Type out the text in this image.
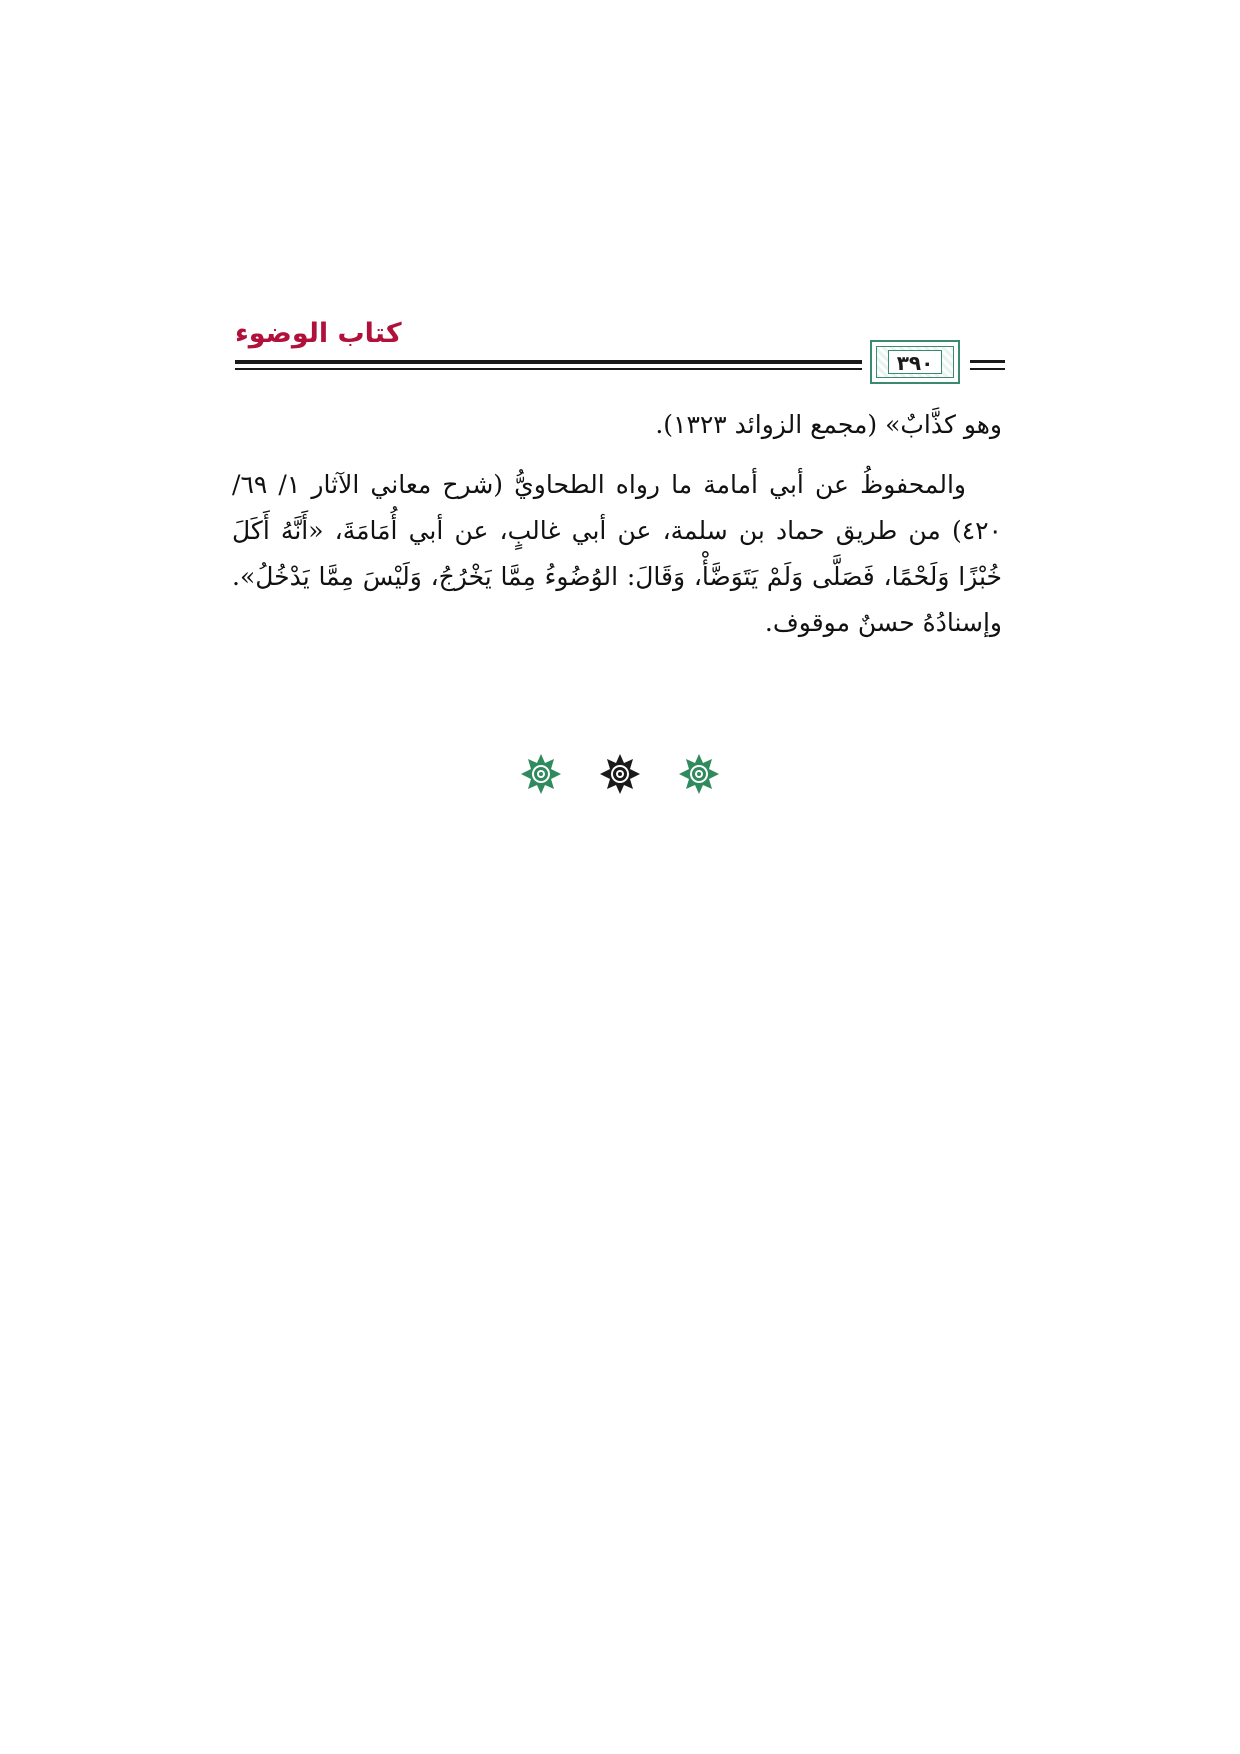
كتاب الوضوء
٣٩٠

وهو كذَّابٌ» (مجمع الزوائد ١٣٢٣).

والمحفوظُ عن أبي أمامة ما رواه الطحاويُّ (شرح معاني الآثار ١/ ٦٩/ ٤٢٠) من طريق حماد بن سلمة، عن أبي غالبٍ، عن أبي أُمَامَةَ، «أَنَّهُ أَكَلَ خُبْزًا وَلَحْمًا، فَصَلَّى وَلَمْ يَتَوَضَّأْ، وَقَالَ: الوُضُوءُ مِمَّا يَخْرُجُ، وَلَيْسَ مِمَّا يَدْخُلُ». وإسنادُهُ حسنٌ موقوف.
